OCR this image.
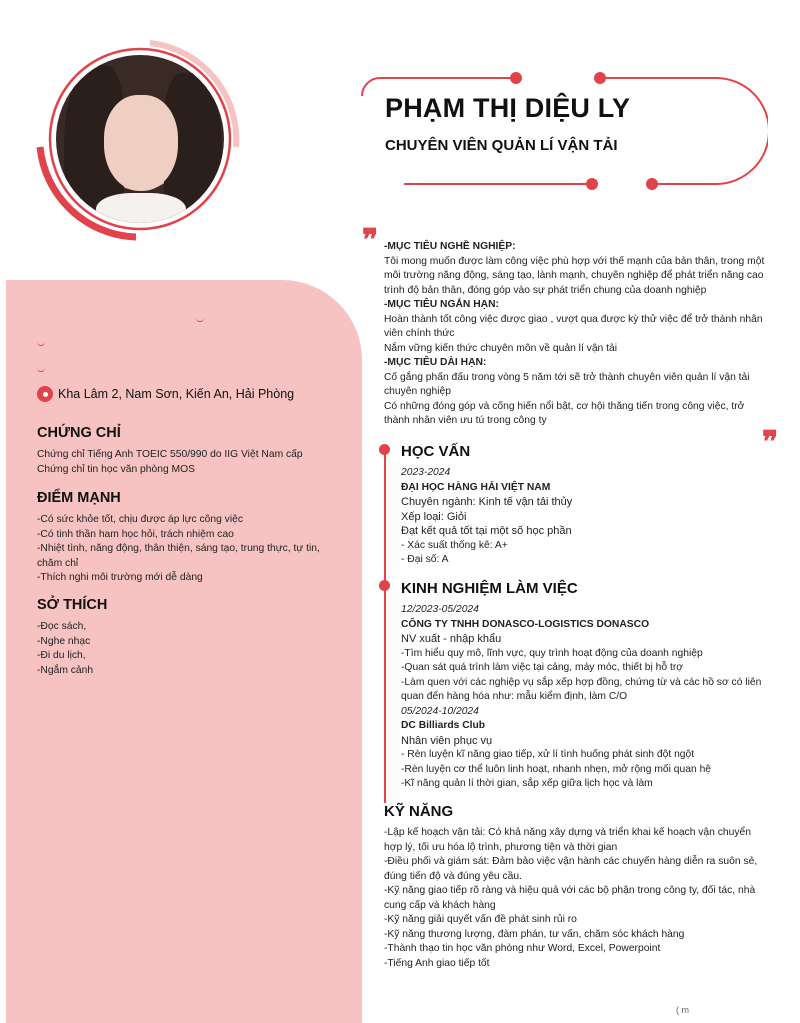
PHẠM THỊ DIỆU LY
CHUYÊN VIÊN QUẢN LÍ VẬN TẢI
❞
❞
-MỤC TIÊU NGHỀ NGHIỆP:
Tôi mong muốn được làm công việc phù hợp với thế mạnh của bản thân, trong một môi trường năng động, sáng tạo, lành mạnh, chuyên nghiệp để phát triển năng cao trình độ bản thân, đóng góp vào sự phát triển chung của doanh nghiệp
-MỤC TIÊU NGẮN HẠN:
Hoàn thành tốt công việc được giao , vượt qua được kỳ thử việc để trở thành nhân viên chính thức
Nắm vững kiến thức chuyên môn về quản lí vận tải
-MỤC TIÊU DÀI HẠN:
Cố gắng phấn đấu trong vòng 5 năm tới sẽ trở thành chuyên viên quản lí vận tải chuyên nghiệp
Có những đóng góp và cống hiến nổi bật, cơ hội thăng tiến trong công việc, trở thành nhân viên ưu tú trong công ty
Kha Lâm 2, Nam Sơn, Kiến An, Hải Phòng
CHỨNG CHỈ
Chứng chỉ Tiếng Anh TOEIC 550/990 do IIG Việt Nam cấp
Chứng chỉ tin học văn phòng MOS
ĐIỂM MẠNH
-Có sức khỏe tốt, chịu được áp lực công việc
-Có tinh thần ham học hỏi, trách nhiệm cao
-Nhiệt tình, năng động, thân thiện, sáng tạo, trung thực, tự tin, chăm chỉ
-Thích nghi môi trường mới dễ dàng
SỞ THÍCH
-Đọc sách,
-Nghe nhạc
-Đi du lịch,
-Ngắm cảnh
HỌC VẤN
2023-2024
ĐẠI HỌC HÀNG HẢI VIỆT NAM
Chuyên ngành: Kinh tế vận tải thủy
Xếp loại: Giỏi
Đạt kết quả tốt tại một số học phần
- Xác suất thống kê: A+
- Đại số: A
KINH NGHIỆM LÀM VIỆC
12/2023-05/2024
CÔNG TY TNHH DONASCO-LOGISTICS DONASCO
NV xuất - nhập khẩu
-Tìm hiểu quy mô, lĩnh vực, quy trình hoạt động của doanh nghiệp
-Quan sát quá trình làm việc tại cảng, máy móc, thiết bị hỗ trợ
-Làm quen với các nghiệp vụ sắp xếp hợp đồng, chứng từ và các hồ sơ có liên quan đến hàng hóa như: mẫu kiểm định, làm C/O
05/2024-10/2024
DC Billiards Club
Nhân viên phục vụ
- Rèn luyện kĩ năng giao tiếp, xử lí tình huống phát sinh đột ngột
-Rèn luyện cơ thể luôn linh hoạt, nhanh nhẹn, mở rộng mối quan hệ
-Kĩ năng quản lí thời gian, sắp xếp giữa lịch học và làm
KỸ NĂNG
-Lập kế hoạch vận tải: Có khả năng xây dựng và triển khai kế hoạch vận chuyển hợp lý, tối ưu hóa lộ trình, phương tiện và thời gian
-Điều phối và giám sát: Đảm bảo việc vận hành các chuyến hàng diễn ra suôn sẻ, đúng tiến độ và đúng yêu cầu.
-Kỹ năng giao tiếp rõ ràng và hiệu quả với các bộ phận trong công ty, đối tác, nhà cung cấp và khách hàng
-Kỹ năng giải quyết vấn đề phát sinh rủi ro
-Kỹ năng thương lượng, đàm phán, tư vấn, chăm sóc khách hàng
-Thành thạo tin học văn phòng như Word, Excel, Powerpoint
-Tiếng Anh giao tiếp tốt
( m
